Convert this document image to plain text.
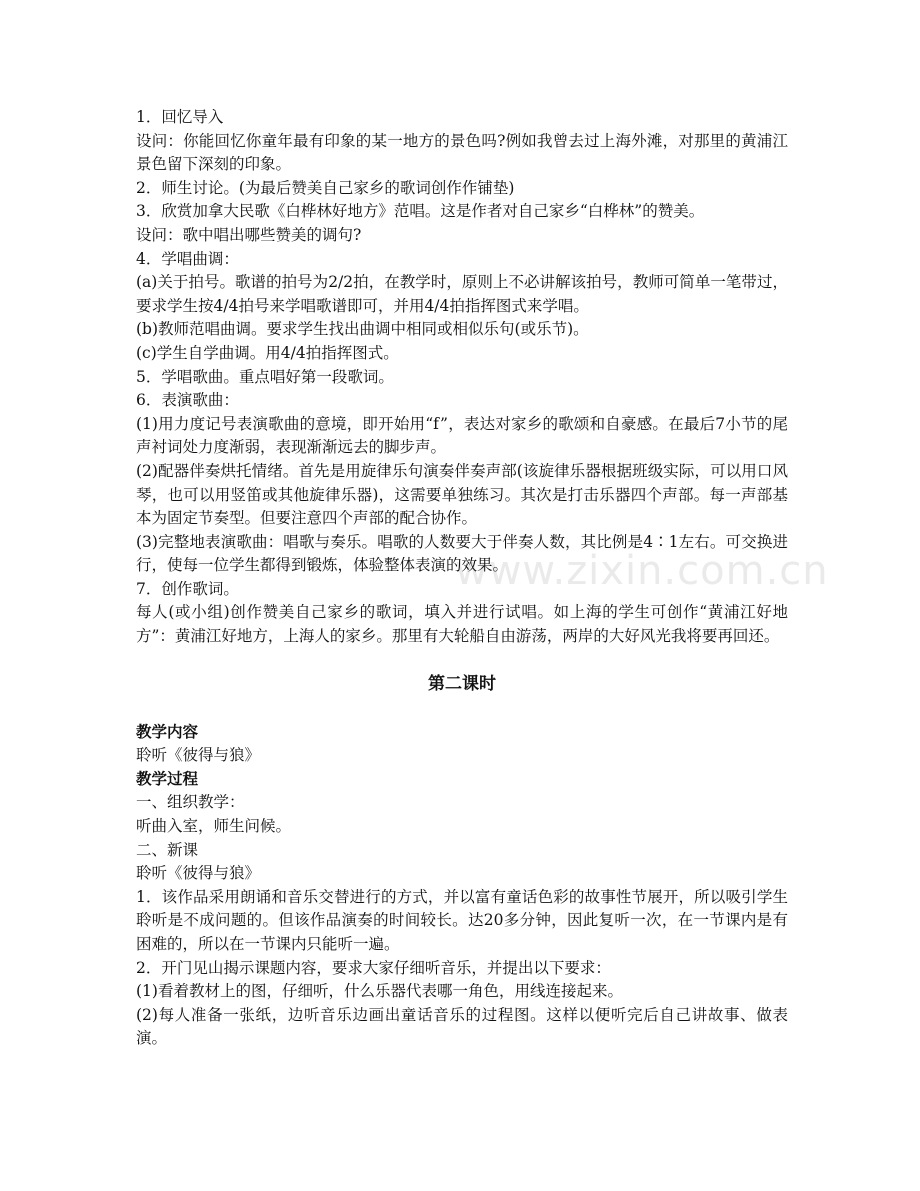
www.zixin.com.cn

1．回忆导入

设问：你能回忆你童年最有印象的某一地方的景色吗?例如我曾去过上海外滩，对那里的黄浦江景色留下深刻的印象。

2．师生讨论。(为最后赞美自己家乡的歌词创作作铺垫)

3．欣赏加拿大民歌《白桦林好地方》范唱。这是作者对自己家乡“白桦林”的赞美。

设问：歌中唱出哪些赞美的调句?

4．学唱曲调：

(a)关于拍号。歌谱的拍号为2/2拍，在教学时，原则上不必讲解该拍号，教师可简单一笔带过，要求学生按4/4拍号来学唱歌谱即可，并用4/4拍指挥图式来学唱。

(b)教师范唱曲调。要求学生找出曲调中相同或相似乐句(或乐节)。

(c)学生自学曲调。用4/4拍指挥图式。

5．学唱歌曲。重点唱好第一段歌词。

6．表演歌曲：

(1)用力度记号表演歌曲的意境，即开始用“f”，表达对家乡的歌颂和自豪感。在最后7小节的尾声衬词处力度渐弱，表现渐渐远去的脚步声。

(2)配器伴奏烘托情绪。首先是用旋律乐句演奏伴奏声部(该旋律乐器根据班级实际，可以用口风琴，也可以用竖笛或其他旋律乐器)，这需要单独练习。其次是打击乐器四个声部。每一声部基本为固定节奏型。但要注意四个声部的配合协作。

(3)完整地表演歌曲：唱歌与奏乐。唱歌的人数要大于伴奏人数，其比例是4∶1左右。可交换进行，使每一位学生都得到锻炼，体验整体表演的效果。

7．创作歌词。

每人(或小组)创作赞美自己家乡的歌词，填入并进行试唱。如上海的学生可创作“黄浦江好地方”：黄浦江好地方，上海人的家乡。那里有大轮船自由游荡，两岸的大好风光我将要再回还。

第二课时

教学内容

聆听《彼得与狼》

教学过程

一、组织教学：

听曲入室，师生问候。

二、新课

聆听《彼得与狼》

1．该作品采用朗诵和音乐交替进行的方式，并以富有童话色彩的故事性节展开，所以吸引学生聆听是不成问题的。但该作品演奏的时间较长。达20多分钟，因此复听一次，在一节课内是有困难的，所以在一节课内只能听一遍。

2．开门见山揭示课题内容，要求大家仔细听音乐，并提出以下要求：

(1)看着教材上的图，仔细听，什么乐器代表哪一角色，用线连接起来。

(2)每人准备一张纸，边听音乐边画出童话音乐的过程图。这样以便听完后自己讲故事、做表演。
